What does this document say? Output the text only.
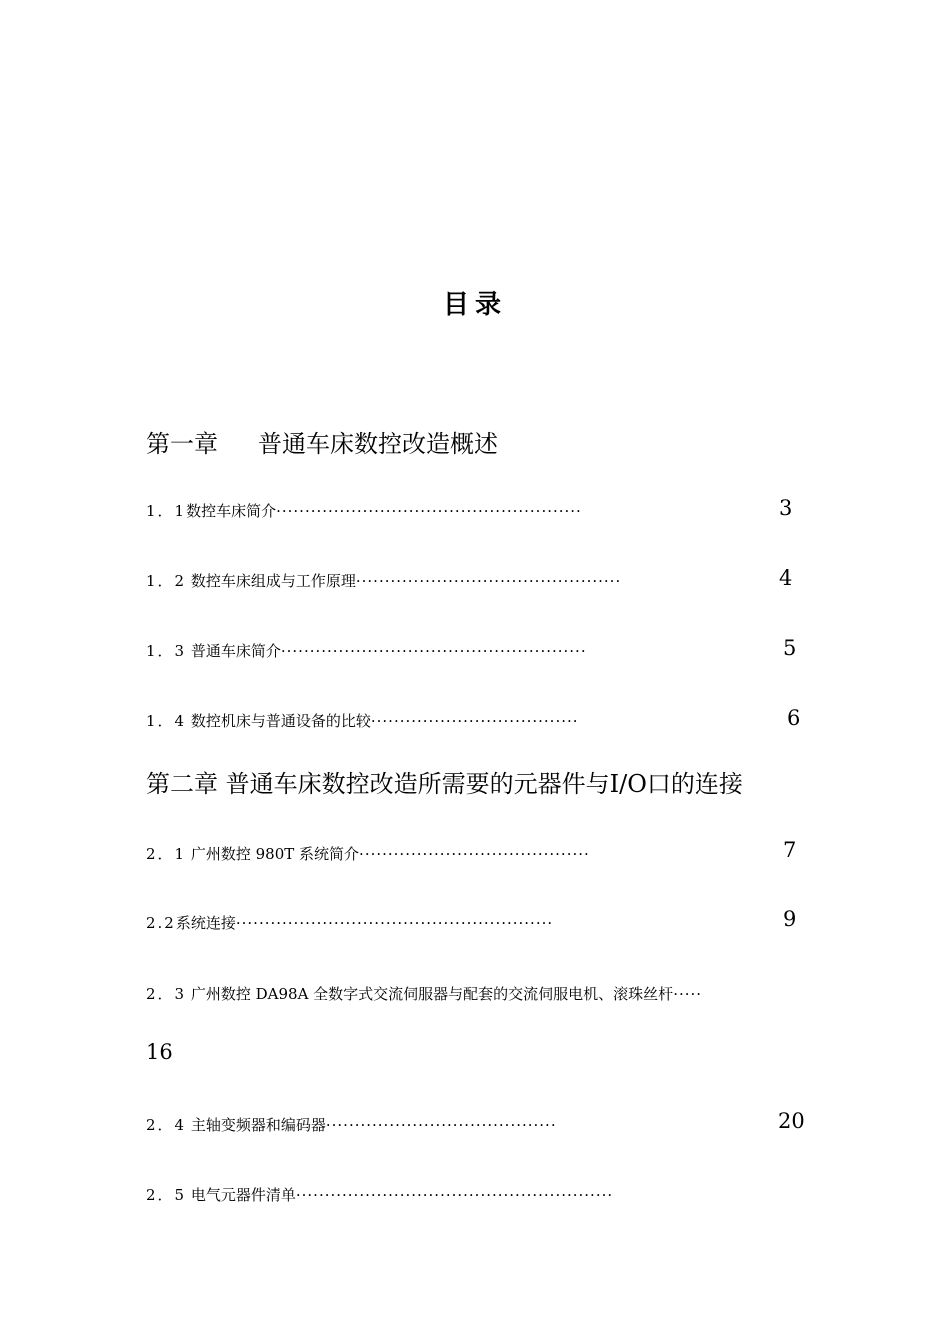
目录
第一章 普通车床数控改造概述
1．1数控车床简介·····················································	3
1．2 数控车床组成与工作原理··············································	4
1．3 普通车床简介·····················································	5
1．4 数控机床与普通设备的比较····································	6
第二章 普通车床数控改造所需要的元器件与I/O口的连接
2．1 广州数控 980T 系统简介········································	7
2.2系统连接·······················································	9
2．3 广州数控 DA98A 全数字式交流伺服器与配套的交流伺服电机、滚珠丝杆·····
16
2．4 主轴变频器和编码器········································	20
2．5 电气元器件清单·······················································
